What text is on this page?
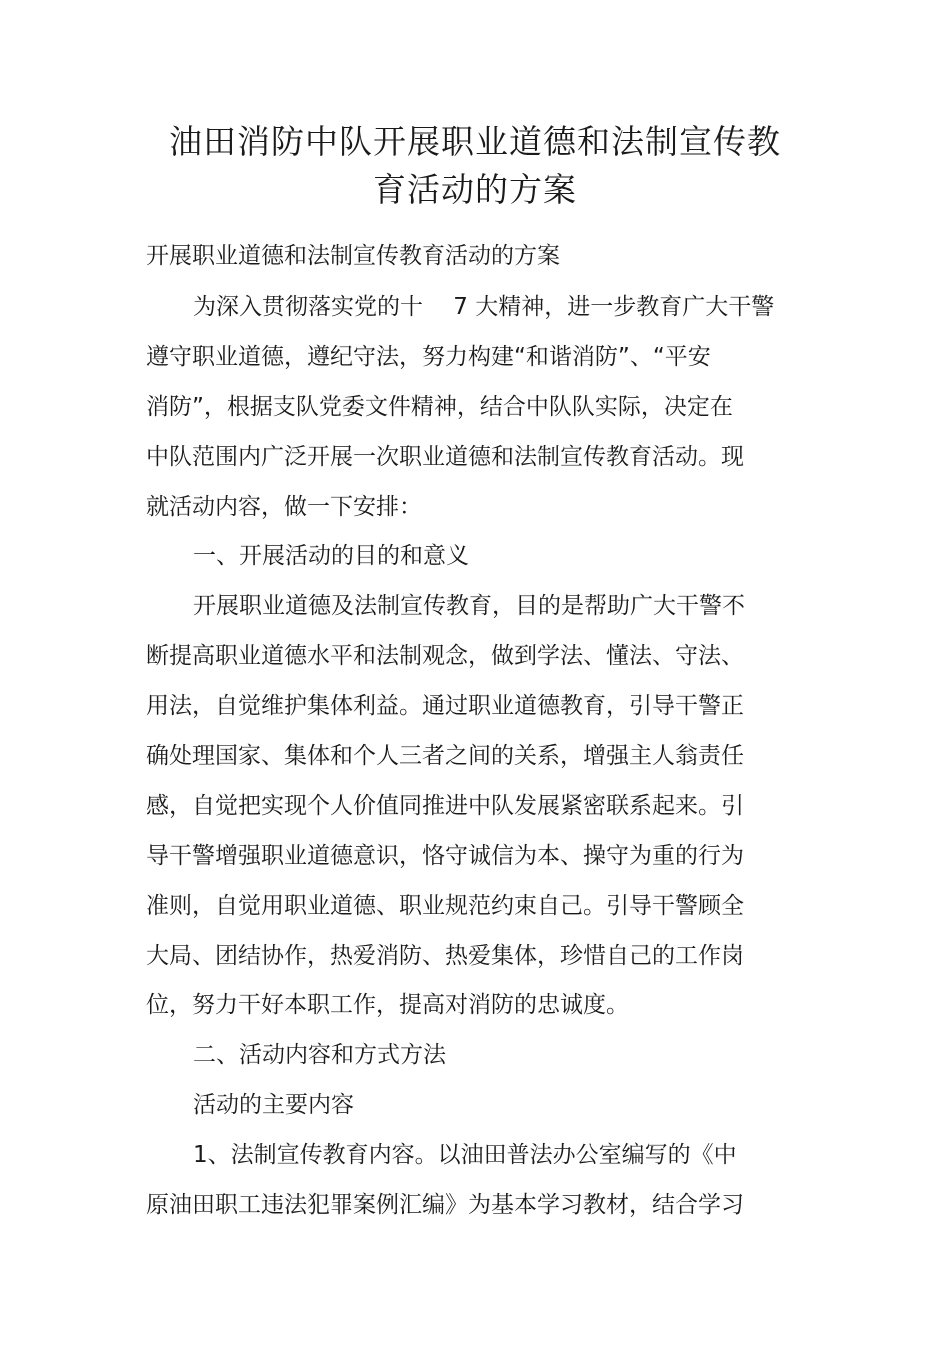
油田消防中队开展职业道德和法制宣传教
育活动的方案

开展职业道德和法制宣传教育活动的方案

为深入贯彻落实党的十　 7 大精神，进一步教育广大干警

遵守职业道德，遵纪守法，努力构建“和谐消防”、“平安

消防”，根据支队党委文件精神，结合中队队实际，决定在

中队范围内广泛开展一次职业道德和法制宣传教育活动。现

就活动内容，做一下安排：

一、开展活动的目的和意义

开展职业道德及法制宣传教育，目的是帮助广大干警不

断提高职业道德水平和法制观念，做到学法、懂法、守法、

用法，自觉维护集体利益。通过职业道德教育，引导干警正

确处理国家、集体和个人三者之间的关系，增强主人翁责任

感，自觉把实现个人价值同推进中队发展紧密联系起来。引

导干警增强职业道德意识，恪守诚信为本、操守为重的行为

准则，自觉用职业道德、职业规范约束自己。引导干警顾全

大局、团结协作，热爱消防、热爱集体，珍惜自己的工作岗

位，努力干好本职工作，提高对消防的忠诚度。

二、活动内容和方式方法

活动的主要内容

1、法制宣传教育内容。以油田普法办公室编写的《中

原油田职工违法犯罪案例汇编》为基本学习教材，结合学习
